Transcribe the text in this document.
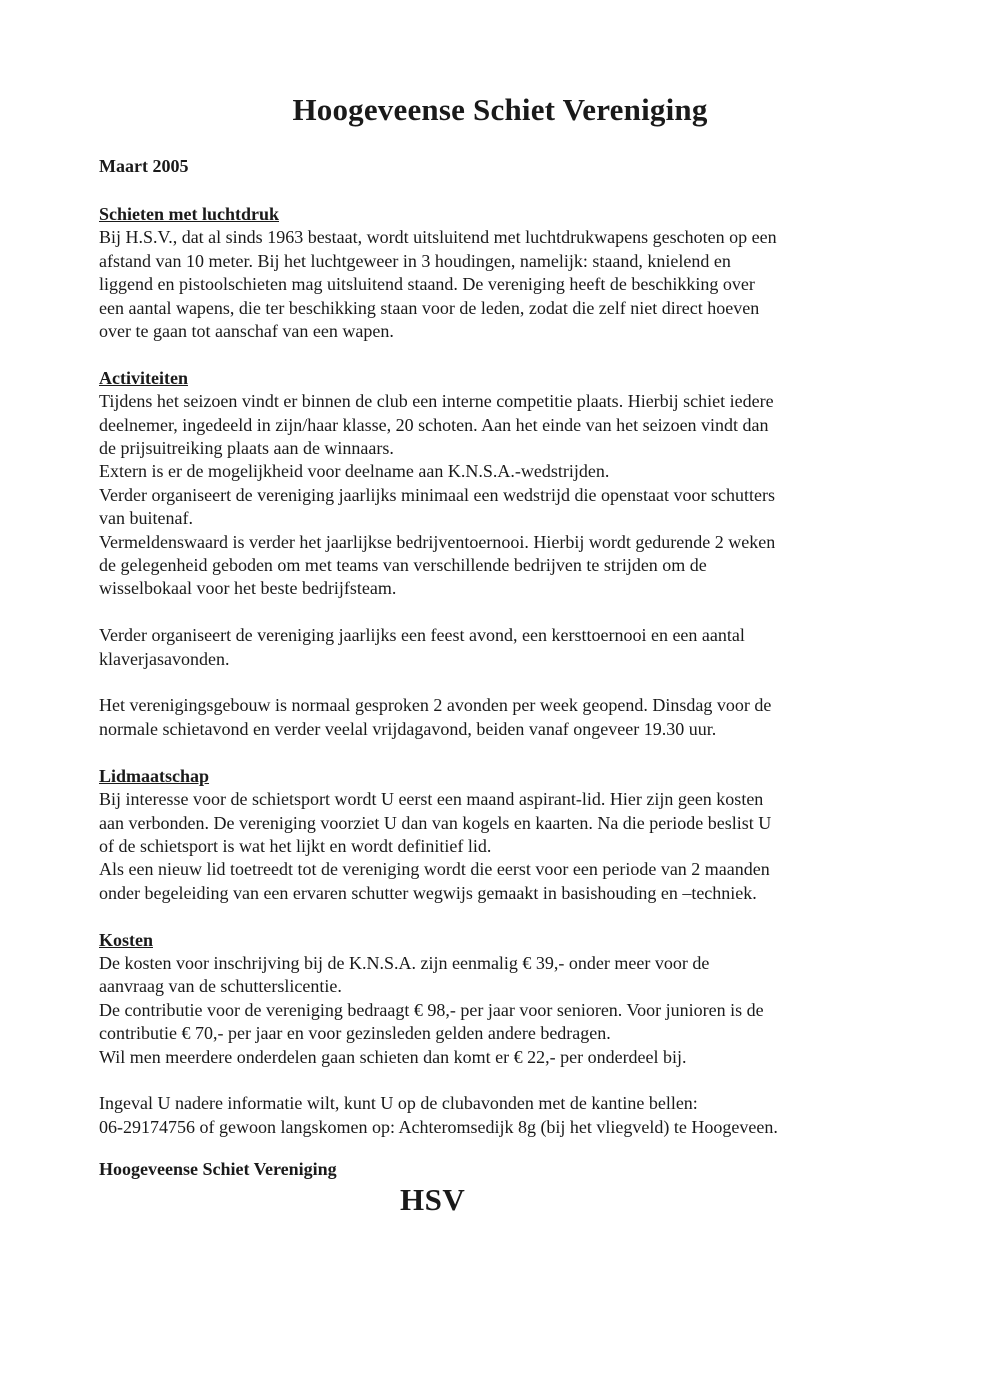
Hoogeveense Schiet Vereniging
Maart 2005
Schieten met luchtdruk
Bij H.S.V., dat al sinds 1963 bestaat, wordt uitsluitend met luchtdrukwapens geschoten op een
afstand van 10 meter. Bij het luchtgeweer in 3 houdingen, namelijk: staand, knielend en
liggend en pistoolschieten mag uitsluitend staand. De vereniging heeft de beschikking over
een aantal wapens, die ter beschikking staan voor de leden, zodat die zelf niet direct hoeven
over te gaan tot aanschaf van een wapen.
Activiteiten
Tijdens het seizoen vindt er binnen de club een interne competitie plaats. Hierbij schiet iedere
deelnemer, ingedeeld in zijn/haar klasse, 20 schoten. Aan het einde van het seizoen vindt dan
de prijsuitreiking plaats aan de winnaars.
Extern is er de mogelijkheid voor deelname aan K.N.S.A.-wedstrijden.
Verder organiseert de vereniging jaarlijks minimaal een wedstrijd die openstaat voor schutters
van buitenaf.
Vermeldenswaard is verder het jaarlijkse bedrijventoernooi. Hierbij wordt gedurende 2 weken
de gelegenheid geboden om met teams van verschillende bedrijven te strijden om de
wisselbokaal voor het beste bedrijfsteam.
Verder organiseert de vereniging jaarlijks een feest avond, een kersttoernooi en een aantal
klaverjasavonden.
Het verenigingsgebouw is normaal gesproken 2 avonden per week geopend. Dinsdag voor de
normale schietavond en verder veelal vrijdagavond, beiden vanaf ongeveer 19.30 uur.
Lidmaatschap
Bij interesse voor de schietsport wordt U eerst een maand aspirant-lid. Hier zijn geen kosten
aan verbonden. De vereniging voorziet U dan van kogels en kaarten. Na die periode beslist U
of de schietsport is wat het lijkt en wordt definitief lid.
Als een nieuw lid toetreedt tot de vereniging wordt die eerst voor een periode van 2 maanden
onder begeleiding van een ervaren schutter wegwijs gemaakt in basishouding en –techniek.
Kosten
De kosten voor inschrijving bij de K.N.S.A. zijn eenmalig € 39,- onder meer voor de
aanvraag van de schutterslicentie.
De contributie voor de vereniging bedraagt € 98,- per jaar voor senioren. Voor junioren is de
contributie € 70,- per jaar en voor gezinsleden gelden andere bedragen.
Wil men meerdere onderdelen gaan schieten dan komt er € 22,- per onderdeel bij.
Ingeval U nadere informatie wilt, kunt U op de clubavonden met de kantine bellen:
06-29174756 of gewoon langskomen op: Achteromsedijk 8g (bij het vliegveld) te Hoogeveen.
Hoogeveense Schiet Vereniging
HSV
